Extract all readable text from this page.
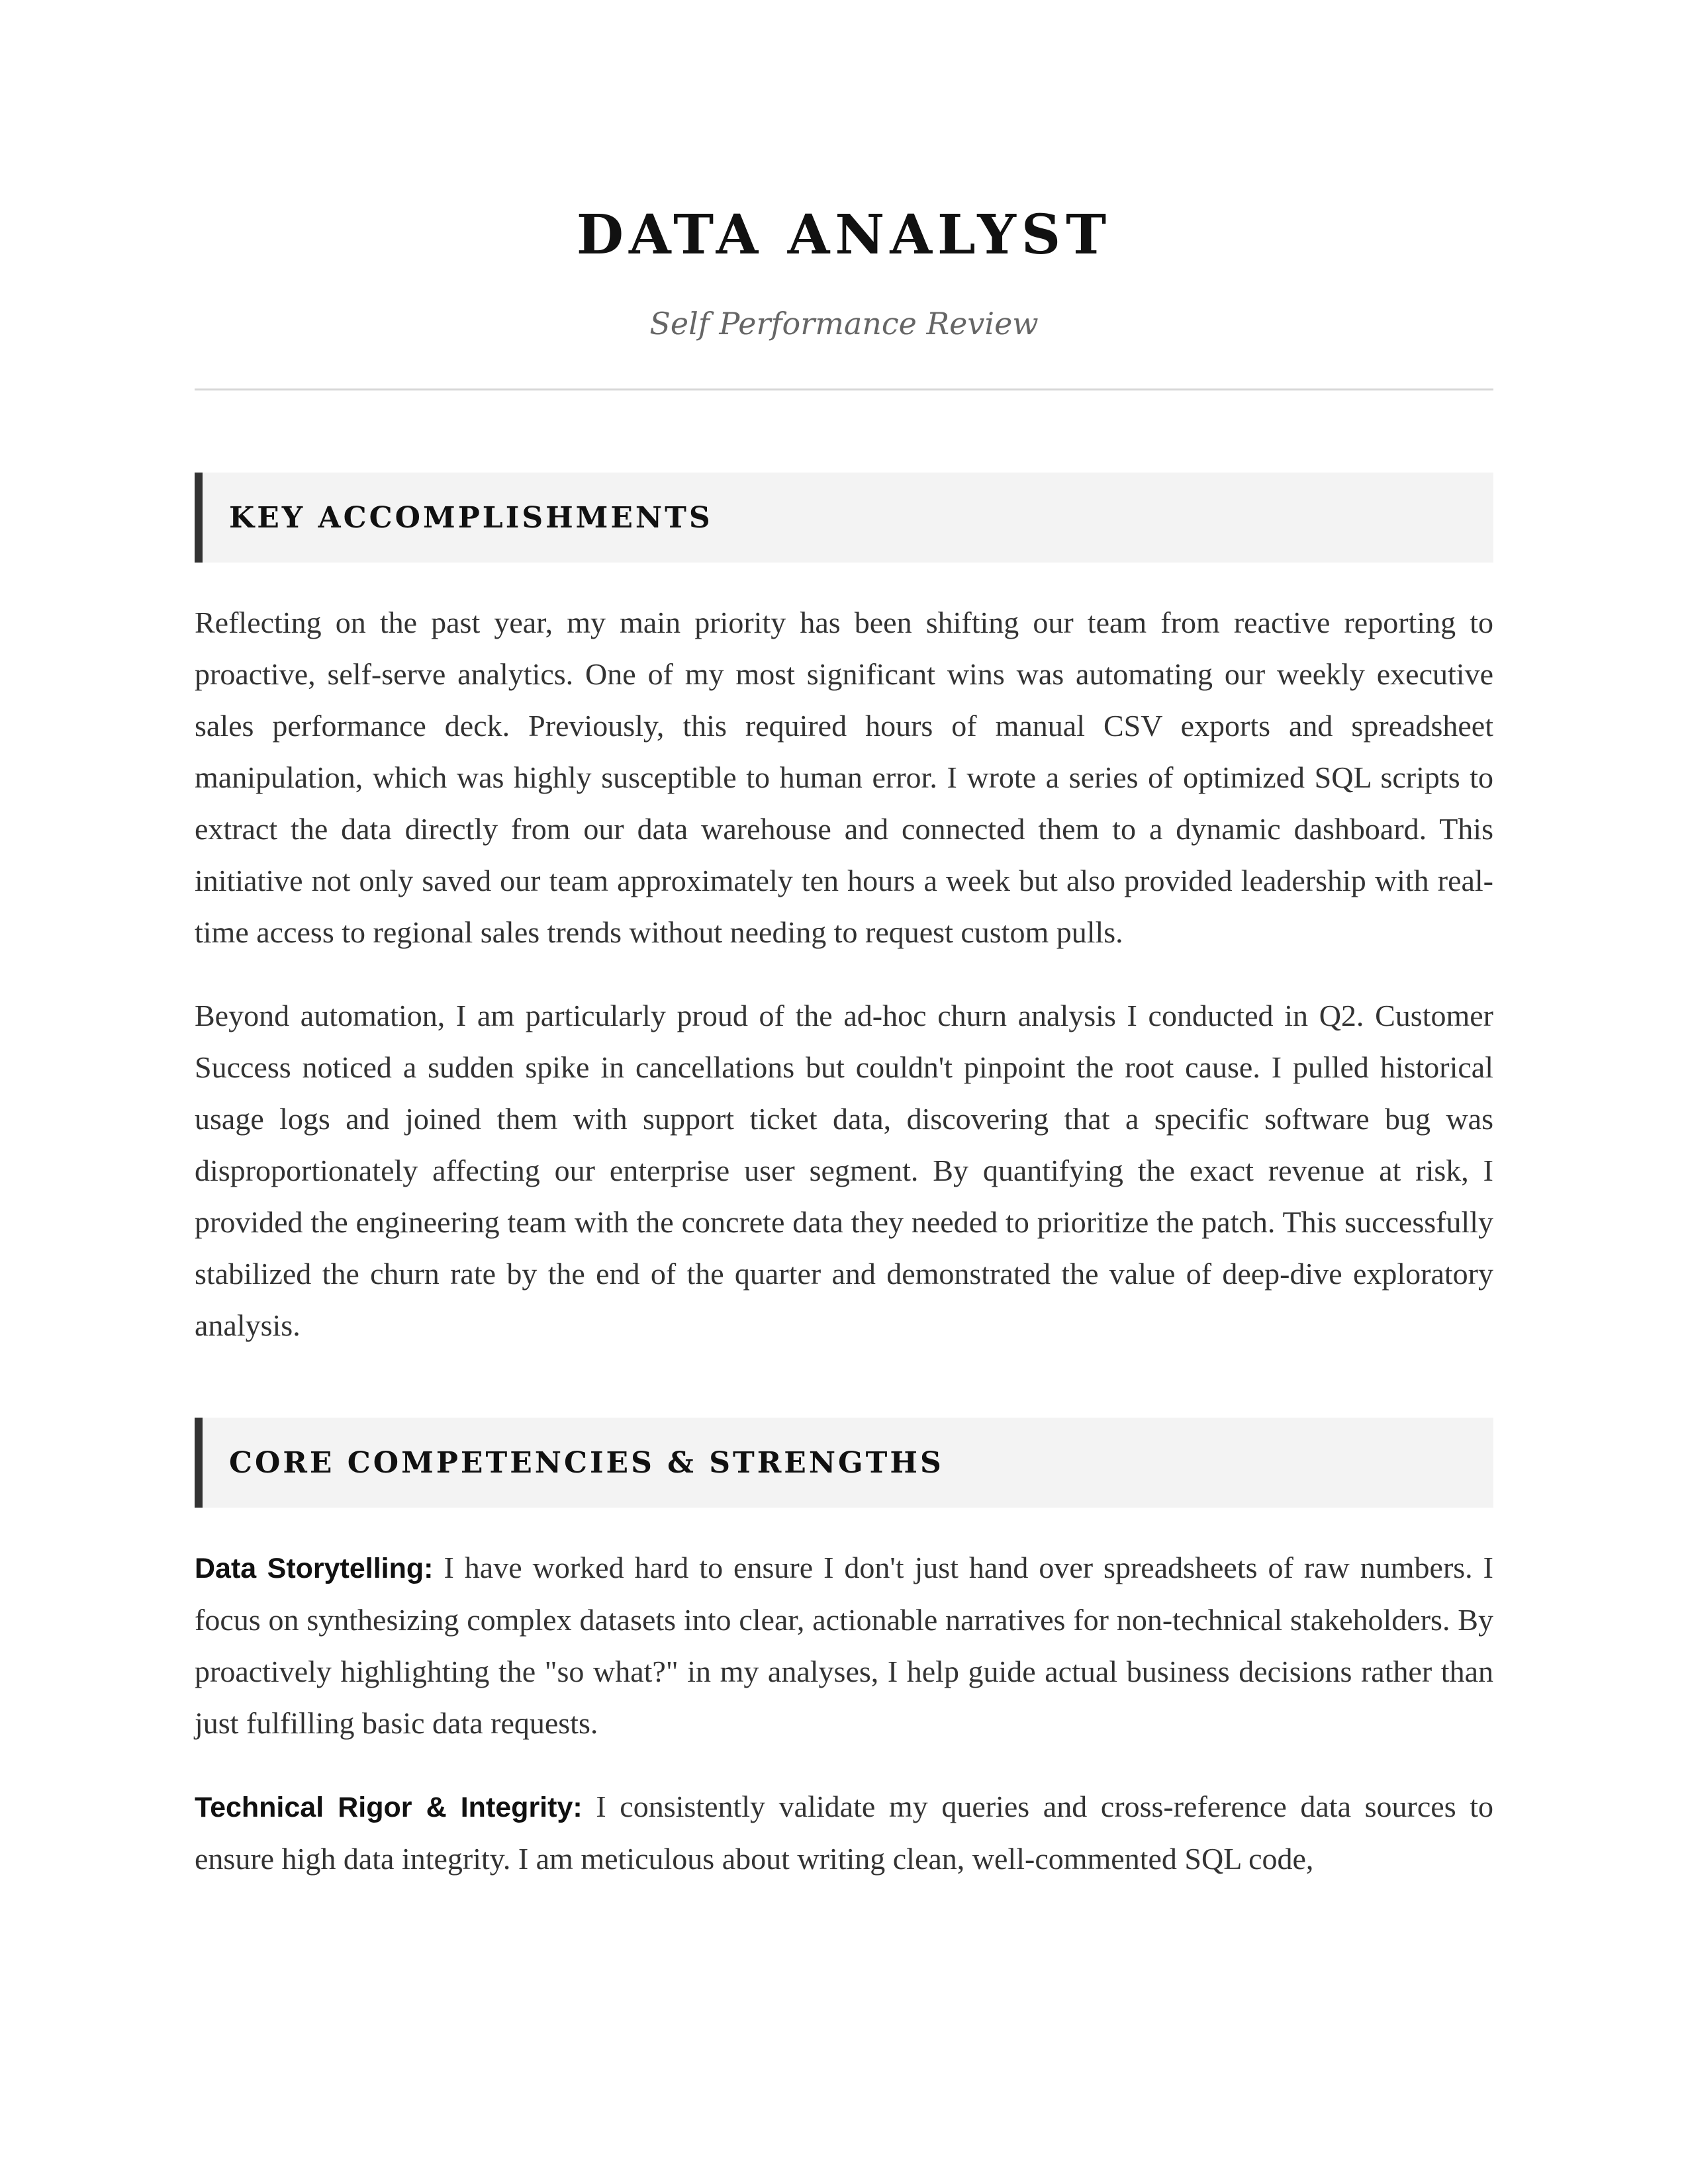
DATA ANALYST
Self Performance Review
KEY ACCOMPLISHMENTS

Reflecting on the past year, my main priority has been shifting our team from reactive reporting to proactive, self-serve analytics. One of my most significant wins was automating our weekly executive sales performance deck. Previously, this required hours of manual CSV exports and spreadsheet manipulation, which was highly susceptible to human error. I wrote a series of optimized SQL scripts to extract the data directly from our data warehouse and connected them to a dynamic dashboard. This initiative not only saved our team approximately ten hours a week but also provided leadership with real-time access to regional sales trends without needing to request custom pulls.

Beyond automation, I am particularly proud of the ad-hoc churn analysis I conducted in Q2. Customer Success noticed a sudden spike in cancellations but couldn't pinpoint the root cause. I pulled historical usage logs and joined them with support ticket data, discovering that a specific software bug was disproportionately affecting our enterprise user segment. By quantifying the exact revenue at risk, I provided the engineering team with the concrete data they needed to prioritize the patch. This successfully stabilized the churn rate by the end of the quarter and demonstrated the value of deep-dive exploratory analysis.

CORE COMPETENCIES & STRENGTHS

Data Storytelling: I have worked hard to ensure I don't just hand over spreadsheets of raw numbers. I focus on synthesizing complex datasets into clear, actionable narratives for non-technical stakeholders. By proactively highlighting the "so what?" in my analyses, I help guide actual business decisions rather than just fulfilling basic data requests.

Technical Rigor & Integrity: I consistently validate my queries and cross-reference data sources to ensure high data integrity. I am meticulous about writing clean, well-commented SQL code,
